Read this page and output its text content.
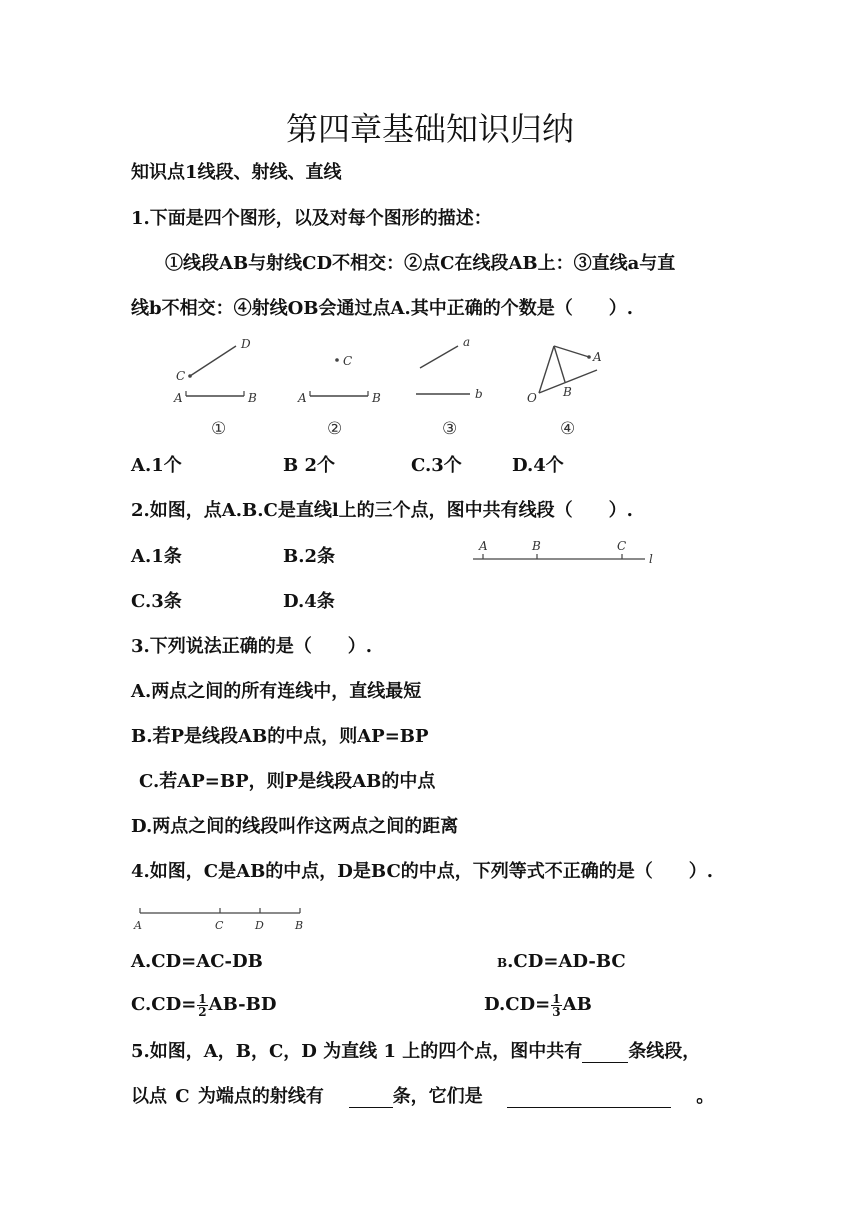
第四章基础知识归纳
知识点1线段、射线、直线
1.下面是四个图形，以及对每个图形的描述：
①线段AB与射线CD不相交：②点C在线段AB上：③直线a与直
线b不相交：④射线OB会通过点A.其中正确的个数是（　　）.
C
D
A	B
①
C
A	B
②
a
b
③
A
B
O
④
A.1个	B 2个	C.3个	D.4个
2.如图，点A.B.C是直线l上的三个点，图中共有线段（　　）.
A.1条	B.2条
C.3条	D.4条
A	B	C
l
3.下列说法正确的是（　　）.
A.两点之间的所有连线中，直线最短
B.若P是线段AB的中点，则AP=BP
C.若AP=BP，则P是线段AB的中点
D.两点之间的线段叫作这两点之间的距离
4.如图，C是AB的中点，D是BC的中点，下列等式不正确的是（　　）.
A	C	D	B
A.CD=AC-DB	B.CD=AD-BC
$C.CD= \frac{1}{2} AB-BD$	$D.CD= \frac{1}{3}$ AB
5.如图，A，B，C，D 为直线 1 上的四个点，图中共有	条线段，
以点 C 为端点的射线有	条，它们是	。
